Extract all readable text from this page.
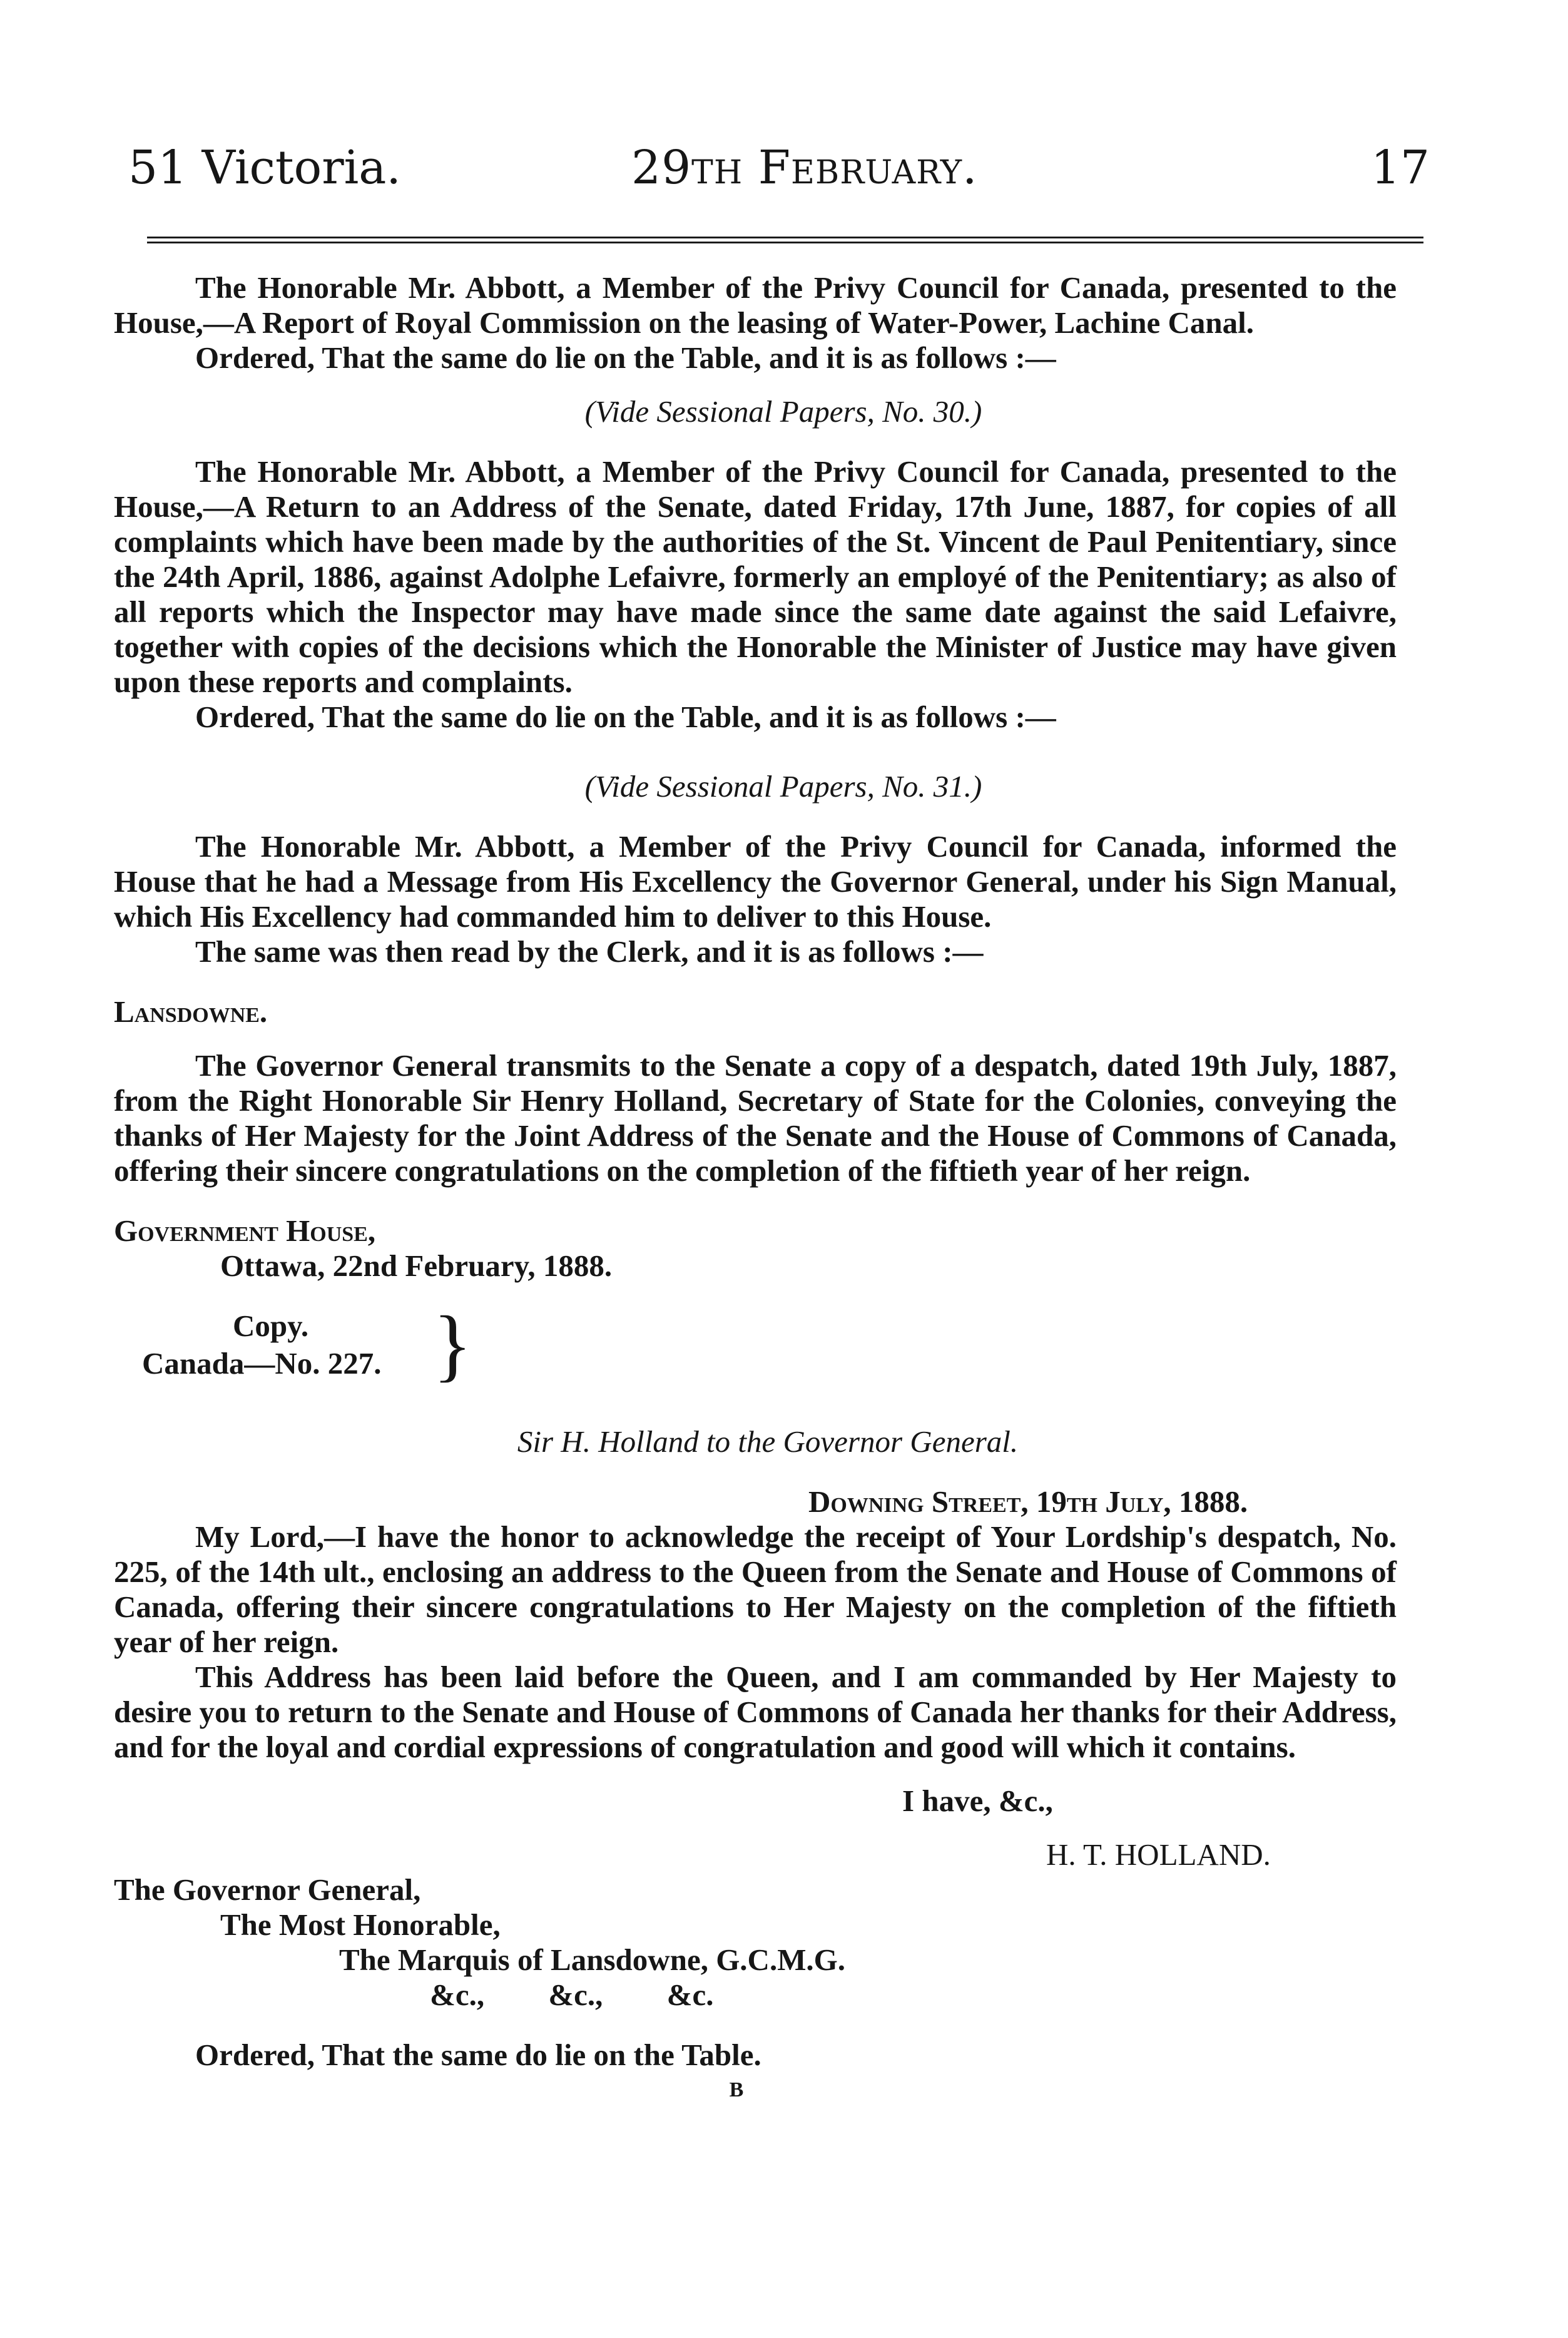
51 Victoria.	29th February.	17

The Honorable Mr. Abbott, a Member of the Privy Council for Canada, presented to the House,—A Report of Royal Commission on the leasing of Water-Power, Lachine Canal.

Ordered, That the same do lie on the Table, and it is as follows :—

(Vide Sessional Papers, No. 30.)

The Honorable Mr. Abbott, a Member of the Privy Council for Canada, presented to the House,—A Return to an Address of the Senate, dated Friday, 17th June, 1887, for copies of all complaints which have been made by the authorities of the St. Vincent de Paul Penitentiary, since the 24th April, 1886, against Adolphe Lefaivre, formerly an employé of the Penitentiary; as also of all reports which the Inspector may have made since the same date against the said Lefaivre, together with copies of the decisions which the Honorable the Minister of Justice may have given upon these reports and complaints.

Ordered, That the same do lie on the Table, and it is as follows :—

(Vide Sessional Papers, No. 31.)

The Honorable Mr. Abbott, a Member of the Privy Council for Canada, informed the House that he had a Message from His Excellency the Governor General, under his Sign Manual, which His Excellency had commanded him to deliver to this House.

The same was then read by the Clerk, and it is as follows :—

Lansdowne.

The Governor General transmits to the Senate a copy of a despatch, dated 19th July, 1887, from the Right Honorable Sir Henry Holland, Secretary of State for the Colonies, conveying the thanks of Her Majesty for the Joint Address of the Senate and the House of Commons of Canada, offering their sincere congratulations on the completion of the fiftieth year of her reign.

Government House,

Ottawa, 22nd February, 1888.

Copy.
Canada—No. 227. }

Sir H. Holland to the Governor General.

Downing Street, 19th July, 1888.

My Lord,—I have the honor to acknowledge the receipt of Your Lordship's despatch, No. 225, of the 14th ult., enclosing an address to the Queen from the Senate and House of Commons of Canada, offering their sincere congratulations to Her Majesty on the completion of the fiftieth year of her reign.

This Address has been laid before the Queen, and I am commanded by Her Majesty to desire you to return to the Senate and House of Commons of Canada her thanks for their Address, and for the loyal and cordial expressions of congratulation and good will which it contains.

I have, &c.,

H. T. HOLLAND.

The Governor General,

The Most Honorable,

The Marquis of Lansdowne, G.C.M.G.

&c., &c., &c.

Ordered, That the same do lie on the Table.

B
